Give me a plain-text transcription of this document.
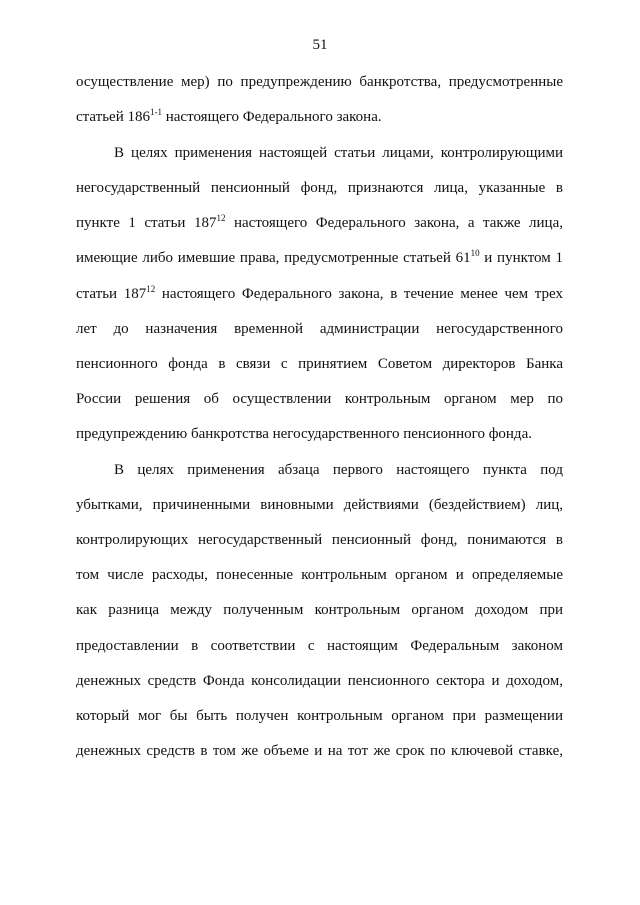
51
осуществление мер) по предупреждению банкротства, предусмотренные
статьей 186$^{1-1}$ настоящего Федерального закона.
В целях применения настоящей статьи лицами, контролирующими
негосударственный пенсионный фонд, признаются лица, указанные в
пункте 1 статьи $187^{12}$ настоящего Федерального закона, а также лица,
имеющие либо имевшие права, предусмотренные статьей $61^{10}$ и пунктом 1
статьи $187^{12}$ настоящего Федерального закона, в течение менее чем трех
лет до назначения временной администрации негосударственного
пенсионного фонда в связи с принятием Советом директоров Банка
России решения об осуществлении контрольным органом мер по
предупреждению банкротства негосударственного пенсионного фонда.
В целях применения абзаца первого настоящего пункта под
убытками, причиненными виновными действиями (бездействием) лиц,
контролирующих негосударственный пенсионный фонд, понимаются в
том числе расходы, понесенные контрольным органом и определяемые
как разница между полученным контрольным органом доходом при
предоставлении в соответствии с настоящим Федеральным законом
денежных средств Фонда консолидации пенсионного сектора и доходом,
который мог бы быть получен контрольным органом при размещении
денежных средств в том же объеме и на тот же срок по ключевой ставке,
